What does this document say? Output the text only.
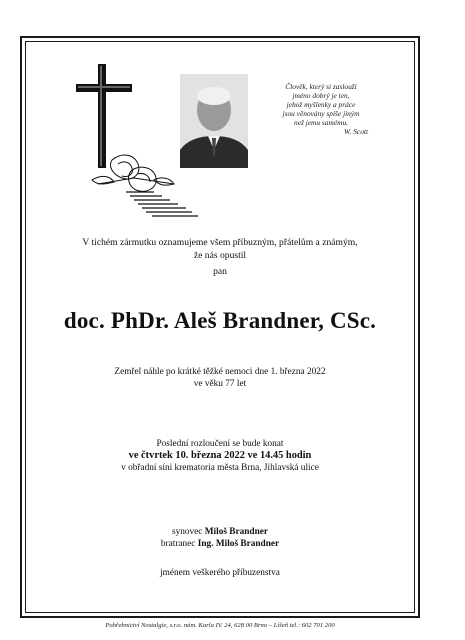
Člověk, který si zaslouží
jméno dobrý je ten,
jehož myšlenky a práce
jsou věnovány spíše jiným
než jemu samému.
W. Scott
V tichém zármutku oznamujeme všem příbuzným, přátelům a známým,
že nás opustil
pan
doc. PhDr. Aleš Brandner, CSc.
Zemřel náhle po krátké těžké nemoci dne 1. března 2022
ve věku 77 let
Poslední rozloučení se bude konat
ve čtvrtek 10. března 2022 ve 14.45 hodin
v obřadní síni krematoria města Brna, Jihlavská ulice
synovec Miloš Brandner
bratranec Ing. Miloš Brandner
jménem veškerého příbuzenstva
Pohřebnictví Nostalgie, s.r.o. nám. Karla IV. 24, 628 00 Brno – Líšeň tel.: 602 701 200
